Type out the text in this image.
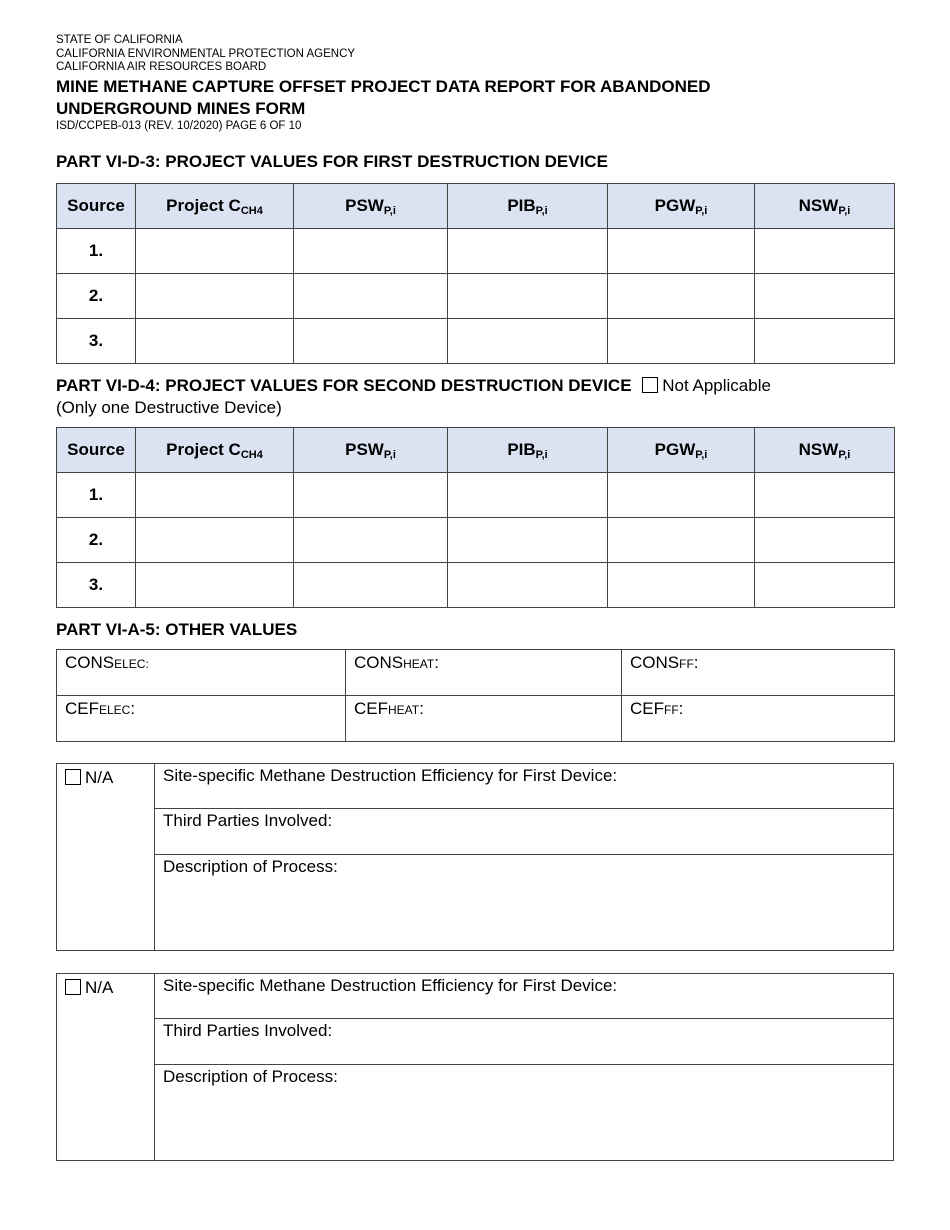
STATE OF CALIFORNIA
CALIFORNIA ENVIRONMENTAL PROTECTION AGENCY
CALIFORNIA AIR RESOURCES BOARD
MINE METHANE CAPTURE OFFSET PROJECT DATA REPORT FOR ABANDONED
UNDERGROUND MINES FORM
ISD/CCPEB-013 (REV. 10/2020) PAGE 6 OF 10
PART VI-D-3: PROJECT VALUES FOR FIRST DESTRUCTION DEVICE
Source	Project $C_{CH4}$	$PSW_{P,i}$	$PIB_{P,i}$	$PGW_{P,i}$	$NSW_{P,i}$
1.					
2.					
3.					
PART VI-D-4: PROJECT VALUES FOR SECOND DESTRUCTION DEVICE Not Applicable
(Only one Destructive Device)
Source	Project $C_{CH4}$	$PSW_{P,i}$	$PIB_{P,i}$	$PGW_{P,i}$	$NSW_{P,i}$
1.					
2.					
3.					
PART VI-A-5: OTHER VALUES
CONSELEC:	CONSHEAT:	CONSFF:
CEFELEC:	CEFHEAT:	CEFFF:
N/A	Site-specific Methane Destruction Efficiency for First Device:
Third Parties Involved:
Description of Process:
N/A	Site-specific Methane Destruction Efficiency for First Device:
Third Parties Involved:
Description of Process:
